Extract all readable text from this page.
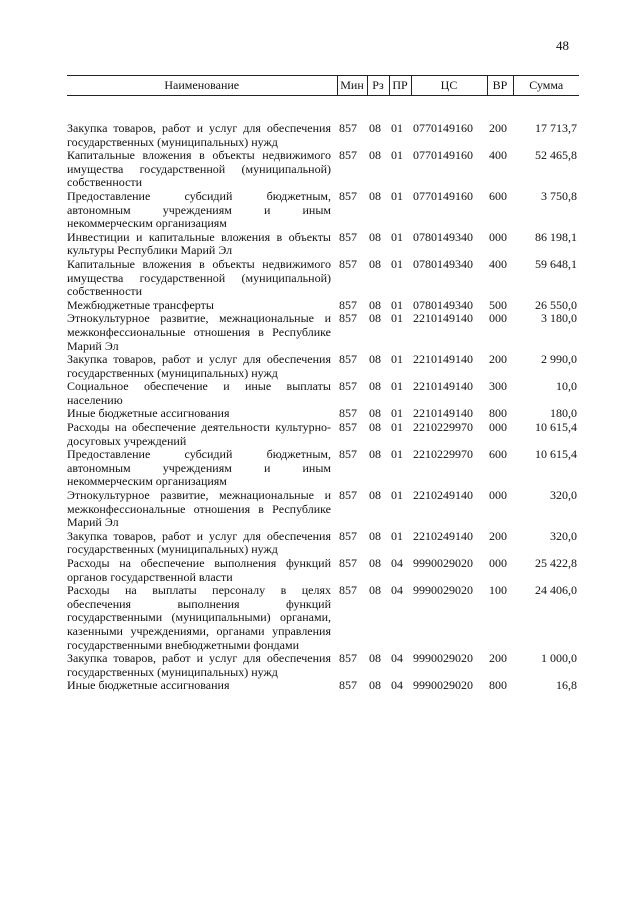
48
Наименование	Мин	Рз	ПР	ЦС	ВР	Сумма
Закупка товаров, работ и услуг для обеспечения государственных (муниципальных) нужд	857	08	01	0770149160	200	17 713,7
Капитальные вложения в объекты недвижимого имущества государственной (муниципальной) собственности	857	08	01	0770149160	400	52 465,8
Предоставление субсидий бюджетным, автономным учреждениям и иным некоммерческим организациям	857	08	01	0770149160	600	3 750,8
Инвестиции и капитальные вложения в объекты культуры Республики Марий Эл	857	08	01	0780149340	000	86 198,1
Капитальные вложения в объекты недвижимого имущества государственной (муниципальной) собственности	857	08	01	0780149340	400	59 648,1
Межбюджетные трансферты	857	08	01	0780149340	500	26 550,0
Этнокультурное развитие, межнациональные и межконфессиональные отношения в Республике Марий Эл	857	08	01	2210149140	000	3 180,0
Закупка товаров, работ и услуг для обеспечения государственных (муниципальных) нужд	857	08	01	2210149140	200	2 990,0
Социальное обеспечение и иные выплаты населению	857	08	01	2210149140	300	10,0
Иные бюджетные ассигнования	857	08	01	2210149140	800	180,0
Расходы на обеспечение деятельности культурно-досуговых учреждений	857	08	01	2210229970	000	10 615,4
Предоставление субсидий бюджетным, автономным учреждениям и иным некоммерческим организациям	857	08	01	2210229970	600	10 615,4
Этнокультурное развитие, межнациональные и межконфессиональные отношения в Республике Марий Эл	857	08	01	2210249140	000	320,0
Закупка товаров, работ и услуг для обеспечения государственных (муниципальных) нужд	857	08	01	2210249140	200	320,0
Расходы на обеспечение выполнения функций органов государственной власти	857	08	04	9990029020	000	25 422,8
Расходы на выплаты персоналу в целях обеспечения выполнения функций государственными (муниципальными) органами, казенными учреждениями, органами управления государственными внебюджетными фондами	857	08	04	9990029020	100	24 406,0
Закупка товаров, работ и услуг для обеспечения государственных (муниципальных) нужд	857	08	04	9990029020	200	1 000,0
Иные бюджетные ассигнования	857	08	04	9990029020	800	16,8
